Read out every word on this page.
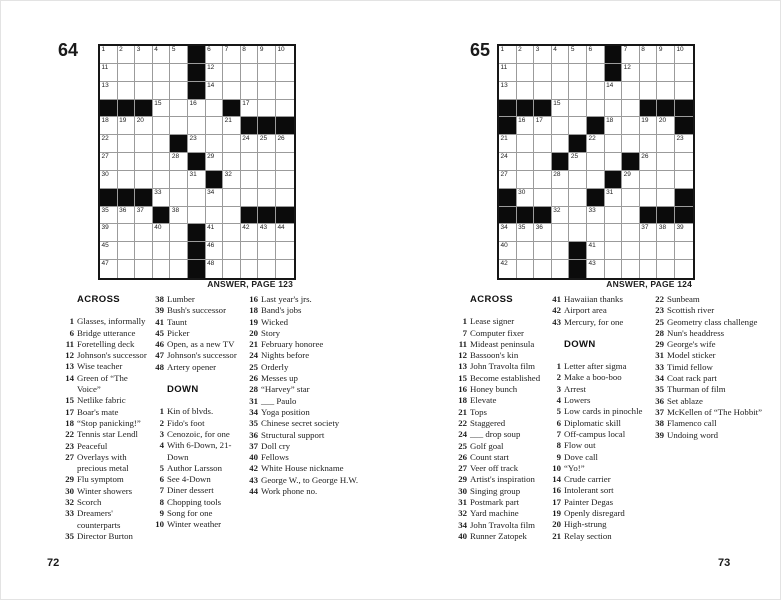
64	1 2 3 4 5	6 7 8 9 10
11	12
13	14
15	16	17
18 19 20	21
22	23	24 25 26
27	28	29
30	31	32
33	34
35 36 37	38
39	40	41	42 43 44
45	46
47	48
ANSWER, PAGE 123
ACROSS
1 Glasses, informally
6 Bridge utterance
11 Foretelling deck
12 Johnson's successor
13 Wise teacher
14 Green of “The Voice”
15 Netlike fabric
17 Boar's mate
18 “Stop panicking!”
22 Tennis star Lendl
23 Peaceful
27 Overlays with precious metal
29 Flu symptom
30 Winter showers
32 Scorch
33 Dreamers' counterparts
35 Director Burton
38 Lumber
39 Bush's successor
41 Taunt
45 Picker
46 Open, as a new TV
47 Johnson's successor
48 Artery opener
DOWN
1 Kin of blvds.
2 Fido's foot
3 Cenozoic, for one
4 With 6-Down, 21-Down
5 Author Larsson
6 See 4-Down
7 Diner dessert
8 Chopping tools
9 Song for one
10 Winter weather
16 Last year's jrs.
18 Band's jobs
19 Wicked
20 Story
21 February honoree
24 Nights before
25 Orderly
26 Messes up
28 “Harvey” star
31 ___ Paulo
34 Yoga position
35 Chinese secret society
36 Structural support
37 Doll cry
40 Fellows
42 White House nickname
43 George W., to George H.W.
44 Work phone no.
72
65 1 2 3 4 5 6	7 8 9 10
11	12
13	14
15
16 17	18	19 20
21	22	23
24	25	26
27	28	29
30	31
32	33
34 35 36	37 38 39
40	41
42	43
ANSWER, PAGE 124
ACROSS
1 Lease signer
7 Computer fixer
11 Mideast peninsula
12 Bassoon's kin
13 John Travolta film
15 Become established
16 Honey bunch
18 Elevate
21 Tops
22 Staggered
24 ___ drop soup
25 Golf goal
26 Count start
27 Veer off track
29 Artist's inspiration
30 Singing group
31 Postmark part
32 Yard machine
34 John Travolta film
40 Runner Zatopek
41 Hawaiian thanks
42 Airport area
43 Mercury, for one
DOWN
1 Letter after sigma
2 Make a boo-boo
3 Arrest
4 Lowers
5 Low cards in pinochle
6 Diplomatic skill
7 Off-campus local
8 Flow out
9 Dove call
10 “Yo!”
14 Crude carrier
16 Intolerant sort
17 Painter Degas
19 Openly disregard
20 High-strung
21 Relay section
22 Sunbeam
23 Scottish river
25 Geometry class challenge
28 Nun's headdress
29 George's wife
31 Model sticker
33 Timid fellow
34 Coat rack part
35 Thurman of film
36 Set ablaze
37 McKellen of “The Hobbit”
38 Flamenco call
39 Undoing word
73
